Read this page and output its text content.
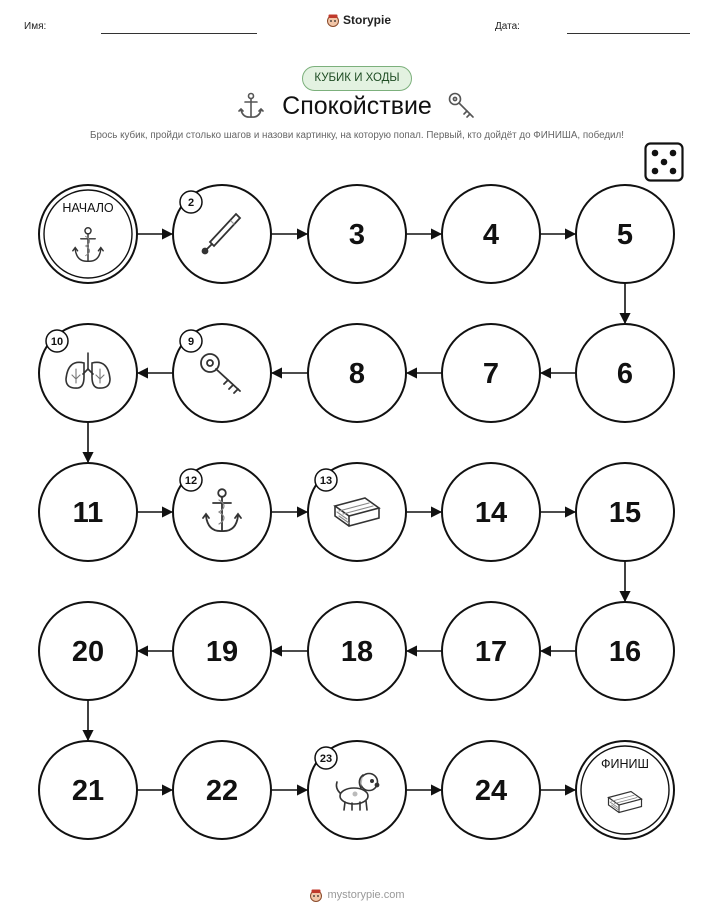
Имя:	Storypie	Дата:
КУБИК И ХОДЫ
Спокойствие
Брось кубик, пройди столько шагов и назови картинку, на которую попал. Первый, кто дойдёт до ФИНИША, победил!
НАЧАЛО	2
3	4	5
6
7
8
9
10
11
12	13
14	15
16
17
18
19
20
21	22
23
24
ФИНИШ
mystorypie.com
